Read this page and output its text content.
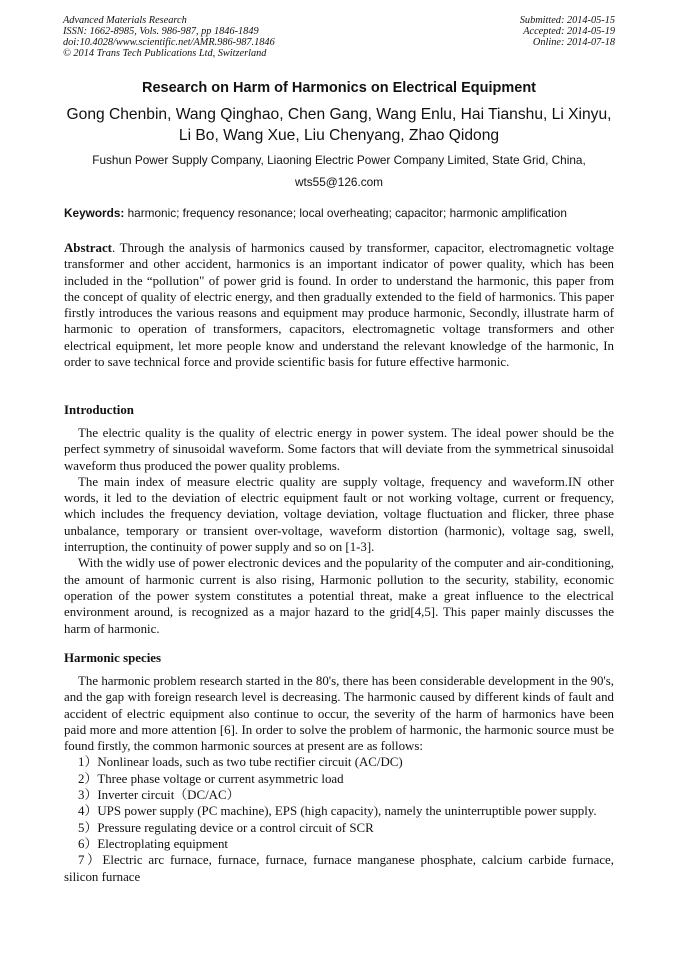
Advanced Materials Research
ISSN: 1662-8985, Vols. 986-987, pp 1846-1849
doi:10.4028/www.scientific.net/AMR.986-987.1846
© 2014 Trans Tech Publications Ltd, Switzerland
Submitted: 2014-05-15
Accepted: 2014-05-19
Online: 2014-07-18
Research on Harm of Harmonics on Electrical Equipment
Gong Chenbin, Wang Qinghao, Chen Gang, Wang Enlu, Hai Tianshu, Li Xinyu,
Li Bo, Wang Xue, Liu Chenyang, Zhao Qidong
Fushun Power Supply Company, Liaoning Electric Power Company Limited, State Grid, China,
wts55@126.com
Keywords: harmonic; frequency resonance; local overheating; capacitor; harmonic amplification

Abstract. Through the analysis of harmonics caused by transformer, capacitor, electromagnetic voltage transformer and other accident, harmonics is an important indicator of power quality, which has been included in the “pollution" of power grid is found. In order to understand the harmonic, this paper from the concept of quality of electric energy, and then gradually extended to the field of harmonics. This paper firstly introduces the various reasons and equipment may produce harmonic, Secondly, illustrate harm of harmonic to operation of transformers, capacitors, electromagnetic voltage transformers and other electrical equipment, let more people know and understand the relevant knowledge of the harmonic, In order to save technical force and provide scientific basis for future effective harmonic.

Introduction

The electric quality is the quality of electric energy in power system. The ideal power should be the perfect symmetry of sinusoidal waveform. Some factors that will deviate from the symmetrical sinusoidal waveform thus produced the power quality problems.

The main index of measure electric quality are supply voltage, frequency and waveform.IN other words, it led to the deviation of electric equipment fault or not working voltage, current or frequency, which includes the frequency deviation, voltage deviation, voltage fluctuation and flicker, three phase unbalance, temporary or transient over-voltage, waveform distortion (harmonic), voltage sag, swell, interruption, the continuity of power supply and so on [1-3].

With the widly use of power electronic devices and the popularity of the computer and air-conditioning, the amount of harmonic current is also rising, Harmonic pollution to the security, stability, economic operation of the power system constitutes a potential threat, make a great influence to the electrical environment around, is recognized as a major hazard to the grid[4,5]. This paper mainly discusses the harm of harmonic.

Harmonic species

The harmonic problem research started in the 80's, there has been considerable development in the 90's, and the gap with foreign research level is decreasing. The harmonic caused by different kinds of fault and accident of electric equipment also continue to occur, the severity of the harm of harmonics have been paid more and more attention [6]. In order to solve the problem of harmonic, the harmonic source must be found firstly, the common harmonic sources at present are as follows:

1）Nonlinear loads, such as two tube rectifier circuit (AC/DC)

2）Three phase voltage or current asymmetric load

3）Inverter circuit（DC/AC）

4）UPS power supply (PC machine), EPS (high capacity), namely the uninterruptible power supply.

5）Pressure regulating device or a control circuit of SCR

6）Electroplating equipment

7）Electric arc furnace, furnace, furnace, furnace manganese phosphate, calcium carbide furnace, silicon furnace
